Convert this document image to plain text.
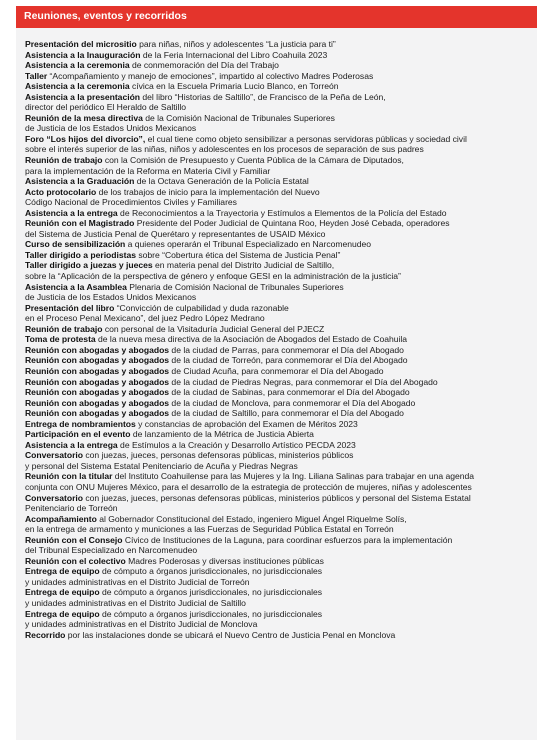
Reuniones, eventos y recorridos
Presentación del micrositio para niñas, niños y adolescentes “La justicia para ti”
Asistencia a la Inauguración de la Feria Internacional del Libro Coahuila 2023
Asistencia a la ceremonia de conmemoración del Día del Trabajo
Taller “Acompañamiento y manejo de emociones”, impartido al colectivo Madres Poderosas
Asistencia a la ceremonia cívica en la Escuela Primaria Lucio Blanco, en Torreón
Asistencia a la presentación del libro “Historias de Saltillo”, de Francisco de la Peña de León,
director del periódico El Heraldo de Saltillo
Reunión de la mesa directiva de la Comisión Nacional de Tribunales Superiores
de Justicia de los Estados Unidos Mexicanos
Foro “Los hijos del divorcio”, el cual tiene como objeto sensibilizar a personas servidoras públicas y sociedad civil
sobre el interés superior de las niñas, niños y adolescentes en los procesos de separación de sus padres
Reunión de trabajo con la Comisión de Presupuesto y Cuenta Pública de la Cámara de Diputados,
para la implementación de la Reforma en Materia Civil y Familiar
Asistencia a la Graduación de la Octava Generación de la Policía Estatal
Acto protocolario de los trabajos de inicio para la implementación del Nuevo
Código Nacional de Procedimientos Civiles y Familiares
Asistencia a la entrega de Reconocimientos a la Trayectoria y Estímulos a Elementos de la Policía del Estado
Reunión con el Magistrado Presidente del Poder Judicial de Quintana Roo, Heyden José Cebada, operadores
del Sistema de Justicia Penal de Querétaro y representantes de USAID México
Curso de sensibilización a quienes operarán el Tribunal Especializado en Narcomenudeo
Taller dirigido a periodistas sobre “Cobertura ética del Sistema de Justicia Penal”
Taller dirigido a juezas y jueces en materia penal del Distrito Judicial de Saltillo,
sobre la “Aplicación de la perspectiva de género y enfoque GESI en la administración de la justicia”
Asistencia a la Asamblea Plenaria de Comisión Nacional de Tribunales Superiores
de Justicia de los Estados Unidos Mexicanos
Presentación del libro “Convicción de culpabilidad y duda razonable
en el Proceso Penal Mexicano”, del juez Pedro López Medrano
Reunión de trabajo con personal de la Visitaduría Judicial General del PJECZ
Toma de protesta de la nueva mesa directiva de la Asociación de Abogados del Estado de Coahuila
Reunión con abogadas y abogados de la ciudad de Parras, para conmemorar el Día del Abogado
Reunión con abogadas y abogados de la ciudad de Torreón, para conmemorar el Día del Abogado
Reunión con abogadas y abogados de Ciudad Acuña, para conmemorar el Día del Abogado
Reunión con abogadas y abogados de la ciudad de Piedras Negras, para conmemorar el Día del Abogado
Reunión con abogadas y abogados de la ciudad de Sabinas, para conmemorar el Día del Abogado
Reunión con abogadas y abogados de la ciudad de Monclova, para conmemorar el Día del Abogado
Reunión con abogadas y abogados de la ciudad de Saltillo, para conmemorar el Día del Abogado
Entrega de nombramientos y constancias de aprobación del Examen de Méritos 2023
Participación en el evento de lanzamiento de la Métrica de Justicia Abierta
Asistencia a la entrega de Estímulos a la Creación y Desarrollo Artístico PECDA 2023
Conversatorio con juezas, jueces, personas defensoras públicas, ministerios públicos
y personal del Sistema Estatal Penitenciario de Acuña y Piedras Negras
Reunión con la titular del Instituto Coahuilense para las Mujeres y la Ing. Liliana Salinas para trabajar en una agenda
conjunta con ONU Mujeres México, para el desarrollo de la estrategia de protección de mujeres, niñas y adolescentes
Conversatorio con juezas, jueces, personas defensoras públicas, ministerios públicos y personal del Sistema Estatal
Penitenciario de Torreón
Acompañamiento al Gobernador Constitucional del Estado, ingeniero Miguel Ángel Riquelme Solís,
en la entrega de armamento y municiones a las Fuerzas de Seguridad Pública Estatal en Torreón
Reunión con el Consejo Cívico de Instituciones de la Laguna, para coordinar esfuerzos para la implementación
del Tribunal Especializado en Narcomenudeo
Reunión con el colectivo Madres Poderosas y diversas instituciones públicas
Entrega de equipo de cómputo a órganos jurisdiccionales, no jurisdiccionales
y unidades administrativas en el Distrito Judicial de Torreón
Entrega de equipo de cómputo a órganos jurisdiccionales, no jurisdiccionales
y unidades administrativas en el Distrito Judicial de Saltillo
Entrega de equipo de cómputo a órganos jurisdiccionales, no jurisdiccionales
y unidades administrativas en el Distrito Judicial de Monclova
Recorrido por las instalaciones donde se ubicará el Nuevo Centro de Justicia Penal en Monclova
